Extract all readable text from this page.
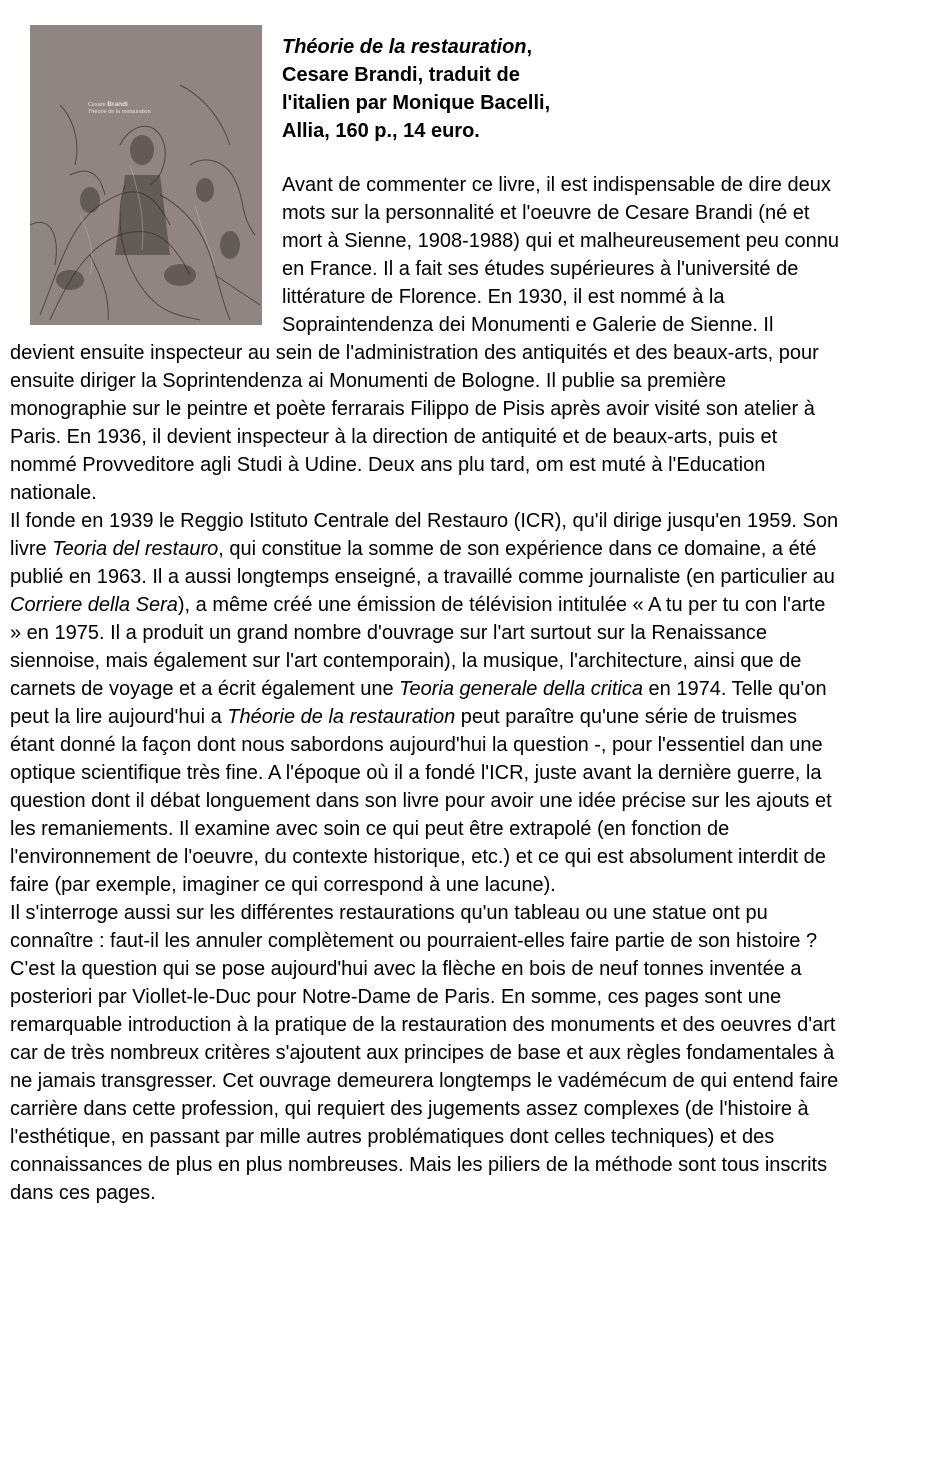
Cesare Brandi
Théorie de la restauration
Théorie de la restauration, Cesare Brandi, traduit de l'italien par Monique Bacelli, Allia, 160 p., 14 euro.

Avant de commenter ce livre, il est indispensable de dire deux mots sur la personnalité et l'oeuvre de Cesare Brandi (né et mort à Sienne, 1908-1988) qui et malheureusement peu connu en France. Il a fait ses études supérieures à l'université de littérature de Florence. En 1930, il est nommé à la Sopraintendenza dei Monumenti e Galerie de Sienne. Il devient ensuite inspecteur au sein de l'administration des antiquités et des beaux-arts, pour ensuite diriger la Soprintendenza ai Monumenti de Bologne. Il publie sa première monographie sur le peintre et poète ferrarais Filippo de Pisis après avoir visité son atelier à Paris. En 1936, il devient inspecteur à la direction de antiquité et de beaux-arts, puis et nommé Provveditore agli Studi à Udine. Deux ans plu tard, om est muté à l'Education nationale.

Il fonde en 1939 le Reggio Istituto Centrale del Restauro (ICR), qu'il dirige jusqu'en 1959. Son livre Teoria del restauro, qui constitue la somme de son expérience dans ce domaine, a été publié en 1963. Il a aussi longtemps enseigné, a travaillé comme journaliste (en particulier au Corriere della Sera), a même créé une émission de télévision intitulée « A tu per tu con l'arte » en 1975. Il a produit un grand nombre d'ouvrage sur l'art surtout sur la Renaissance siennoise, mais également sur l'art contemporain), la musique, l'architecture, ainsi que de carnets de voyage et a écrit également une Teoria generale della critica en 1974. Telle qu'on peut la lire aujourd'hui a Théorie de la restauration peut paraître qu'une série de truismes étant donné la façon dont nous sabordons aujourd'hui la question -, pour l'essentiel dan une optique scientifique très fine. A l'époque où il a fondé l'ICR, juste avant la dernière guerre, la question dont il débat longuement dans son livre pour avoir une idée précise sur les ajouts et les remaniements. Il examine avec soin ce qui peut être extrapolé (en fonction de l'environnement de l'oeuvre, du contexte historique, etc.) et ce qui est absolument interdit de faire (par exemple, imaginer ce qui correspond à une lacune).

Il s'interroge aussi sur les différentes restaurations qu'un tableau ou une statue ont pu connaître : faut-il les annuler complètement ou pourraient-elles faire partie de son histoire ? C'est la question qui se pose aujourd'hui avec la flèche en bois de neuf tonnes inventée a posteriori par Viollet-le-Duc pour Notre-Dame de Paris. En somme, ces pages sont une remarquable introduction à la pratique de la restauration des monuments et des oeuvres d'art car de très nombreux critères s'ajoutent aux principes de base et aux règles fondamentales à ne jamais transgresser. Cet ouvrage demeurera longtemps le vadémécum de qui entend faire carrière dans cette profession, qui requiert des jugements assez complexes (de l'histoire à l'esthétique, en passant par mille autres problématiques dont celles techniques) et des connaissances de plus en plus nombreuses. Mais les piliers de la méthode sont tous inscrits dans ces pages.
